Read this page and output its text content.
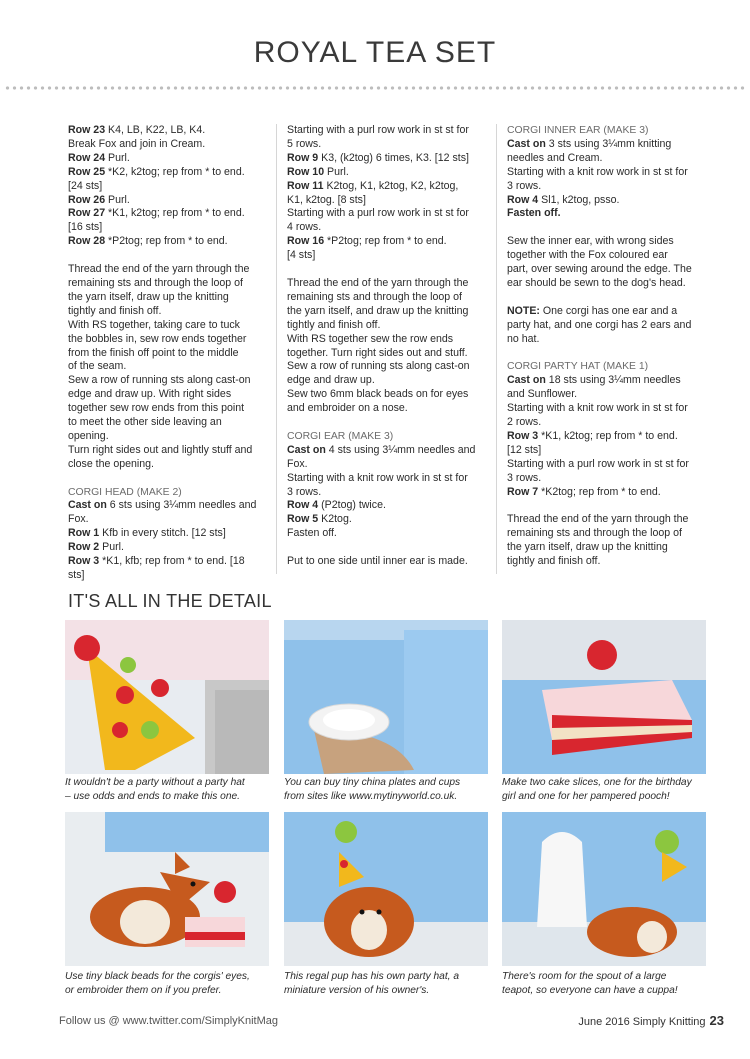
ROYAL TEA SET
Row 23 K4, LB, K22, LB, K4.
Break Fox and join in Cream.
Row 24 Purl.
Row 25 *K2, k2tog; rep from * to end.
[24 sts]
Row 26 Purl.
Row 27 *K1, k2tog; rep from * to end.
[16 sts]
Row 28 *P2tog; rep from * to end.

Thread the end of the yarn through the
remaining sts and through the loop of
the yarn itself, draw up the knitting
tightly and finish off.
With RS together, taking care to tuck
the bobbles in, sew row ends together
from the finish off point to the middle
of the seam.
Sew a row of running sts along cast-on
edge and draw up. With right sides
together sew row ends from this point
to meet the other side leaving an
opening.
Turn right sides out and lightly stuff and
close the opening.

CORGI HEAD (MAKE 2)
Cast on 6 sts using 3¼mm needles and
Fox.
Row 1 Kfb in every stitch. [12 sts]
Row 2 Purl.
Row 3 *K1, kfb; rep from * to end. [18 sts]
Starting with a purl row work in st st for
5 rows.
Row 9 K3, (k2tog) 6 times, K3. [12 sts]
Row 10 Purl.
Row 11 K2tog, K1, k2tog, K2, k2tog,
K1, k2tog. [8 sts]
Starting with a purl row work in st st for
4 rows.
Row 16 *P2tog; rep from * to end.
[4 sts]

Thread the end of the yarn through the
remaining sts and through the loop of
the yarn itself, and draw up the knitting
tightly and finish off.
With RS together sew the row ends
together. Turn right sides out and stuff.
Sew a row of running sts along cast-on
edge and draw up.
Sew two 6mm black beads on for eyes
and embroider on a nose.

CORGI EAR (MAKE 3)
Cast on 4 sts using 3¼mm needles and
Fox.
Starting with a knit row work in st st for
3 rows.
Row 4 (P2tog) twice.
Row 5 K2tog.
Fasten off.

Put to one side until inner ear is made.
CORGI INNER EAR (MAKE 3)
Cast on 3 sts using 3¼mm knitting
needles and Cream.
Starting with a knit row work in st st for
3 rows.
Row 4 Sl1, k2tog, psso.
Fasten off.

Sew the inner ear, with wrong sides
together with the Fox coloured ear
part, over sewing around the edge. The
ear should be sewn to the dog's head.

NOTE: One corgi has one ear and a
party hat, and one corgi has 2 ears and
no hat.

CORGI PARTY HAT (MAKE 1)
Cast on 18 sts using 3¼mm needles
and Sunflower.
Starting with a knit row work in st st for
2 rows.
Row 3 *K1, k2tog; rep from * to end.
[12 sts]
Starting with a purl row work in st st for
3 rows.
Row 7 *K2tog; rep from * to end.

Thread the end of the yarn through the
remaining sts and through the loop of
the yarn itself, draw up the knitting
tightly and finish off.
IT'S ALL IN THE DETAIL
It wouldn't be a party without a party hat
– use odds and ends to make this one.
You can buy tiny china plates and cups
from sites like www.mytinyworld.co.uk.
Make two cake slices, one for the birthday
girl and one for her pampered pooch!
Use tiny black beads for the corgis' eyes,
or embroider them on if you prefer.
This regal pup has his own party hat, a
miniature version of his owner's.
There's room for the spout of a large
teapot, so everyone can have a cuppa!
Follow us @ www.twitter.com/SimplyKnitMag	June 2016 Simply Knitting 23
